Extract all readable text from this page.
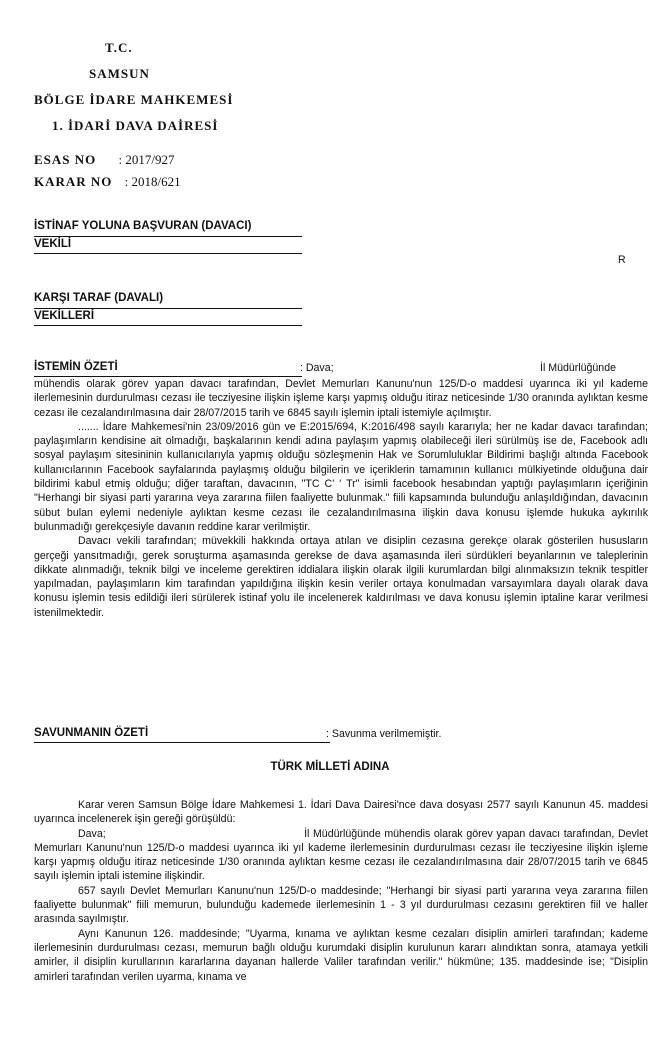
T.C.
SAMSUN
BÖLGE İDARE MAHKEMESİ
1. İDARİ DAVA DAİRESİ
ESAS NO : 2017/927
KARAR NO : 2018/621
İSTİNAF YOLUNA BAŞVURAN (DAVACI)
VEKİLİ
R
KARŞI TARAF (DAVALI)
VEKİLLERİ
İSTEMİN ÖZETİ	: Dava;	İl Müdürlüğünde

mühendis olarak görev yapan davacı tarafından, Devlet Memurları Kanunu'nun 125/D-o maddesi uyarınca iki yıl kademe ilerlemesinin durdurulması cezası ile tecziyesine ilişkin işleme karşı yapmış olduğu itiraz neticesinde 1/30 oranında aylıktan kesme cezası ile cezalandırılmasına dair 28/07/2015 tarih ve 6845 sayılı işlemin iptali istemiyle açılmıştır.

....... İdare Mahkemesi'nin 23/09/2016 gün ve E:2015/694, K:2016/498 sayılı kararıyla; her ne kadar davacı tarafından; paylaşımların kendisine ait olmadığı, başkalarının kendi adına paylaşım yapmış olabileceği ileri sürülmüş ise de, Facebook adlı sosyal paylaşım sitesininin kullanıcılarıyla yapmış olduğu sözleşmenin Hak ve Sorumluluklar Bildirimi başlığı altında Facebook kullanıcılarının Facebook sayfalarında paylaşmış olduğu bilgilerin ve içeriklerin tamamının kullanıcı mülkiyetinde olduğuna dair bildirimi kabul etmiş olduğu; diğer taraftan, davacının, "TC C' ' Tr" isimli facebook hesabından yaptığı paylaşımların içeriğinin "Herhangi bir siyasi parti yararına veya zararına fiilen faaliyette bulunmak." fiili kapsamında bulunduğu anlaşıldığından, davacının sübut bulan eylemi nedeniyle aylıktan kesme cezası ile cezalandırılmasına ilişkin dava konusu işlemde hukuka aykırılık bulunmadığı gerekçesiyle davanın reddine karar verilmiştir.

Davacı vekili tarafından; müvekkili hakkında ortaya atılan ve disiplin cezasına gerekçe olarak gösterilen hususların gerçeği yansıtmadığı, gerek soruşturma aşamasında gerekse de dava aşamasında ileri sürdükleri beyanlarının ve taleplerinin dikkate alınmadığı, teknik bilgi ve inceleme gerektiren iddialara ilişkin olarak ilgili kurumlardan bilgi alınmaksızın teknik tespitler yapılmadan, paylaşımların kim tarafından yapıldığına ilişkin kesin veriler ortaya konulmadan varsayımlara dayalı olarak dava konusu işlemin tesis edildiği ileri sürülerek istinaf yolu ile incelenerek kaldırılması ve dava konusu işlemin iptaline karar verilmesi istenilmektedir.

SAVUNMANIN ÖZETİ	: Savunma verilmemiştir.
TÜRK MİLLETİ ADINA

Karar veren Samsun Bölge İdare Mahkemesi 1. İdari Dava Dairesi'nce dava dosyası 2577 sayılı Kanunun 45. maddesi uyarınca incelenerek işin gereği görüşüldü:

Dava;                                                       İl Müdürlüğünde mühendis olarak görev yapan davacı tarafından, Devlet Memurları Kanunu'nun 125/D-o maddesi uyarınca iki yıl kademe ilerlemesinin durdurulması cezası ile tecziyesine ilişkin işleme karşı yapmış olduğu itiraz neticesinde 1/30 oranında aylıktan kesme cezası ile cezalandırılmasına dair 28/07/2015 tarih ve 6845 sayılı işlemin iptali istemine ilişkindir.

657 sayılı Devlet Memurları Kanunu'nun 125/D-o maddesinde; "Herhangi bir siyasi parti yararına veya zararına fiilen faaliyette bulunmak" fiili memurun, bulunduğu kademede ilerlemesinin 1 - 3 yıl durdurulması cezasını gerektiren fiil ve haller arasında sayılmıştır.

Aynı Kanunun 126. maddesinde; "Uyarma, kınama ve aylıktan kesme cezaları disiplin amirleri tarafından; kademe ilerlemesinin durdurulması cezası, memurun bağlı olduğu kurumdaki disiplin kurulunun kararı alındıktan sonra, atamaya yetkili amirler, il disiplin kurullarının kararlarına dayanan hallerde Valiler tarafından verilir." hükmüne; 135. maddesinde ise; "Disiplin amirleri tarafından verilen uyarma, kınama ve
